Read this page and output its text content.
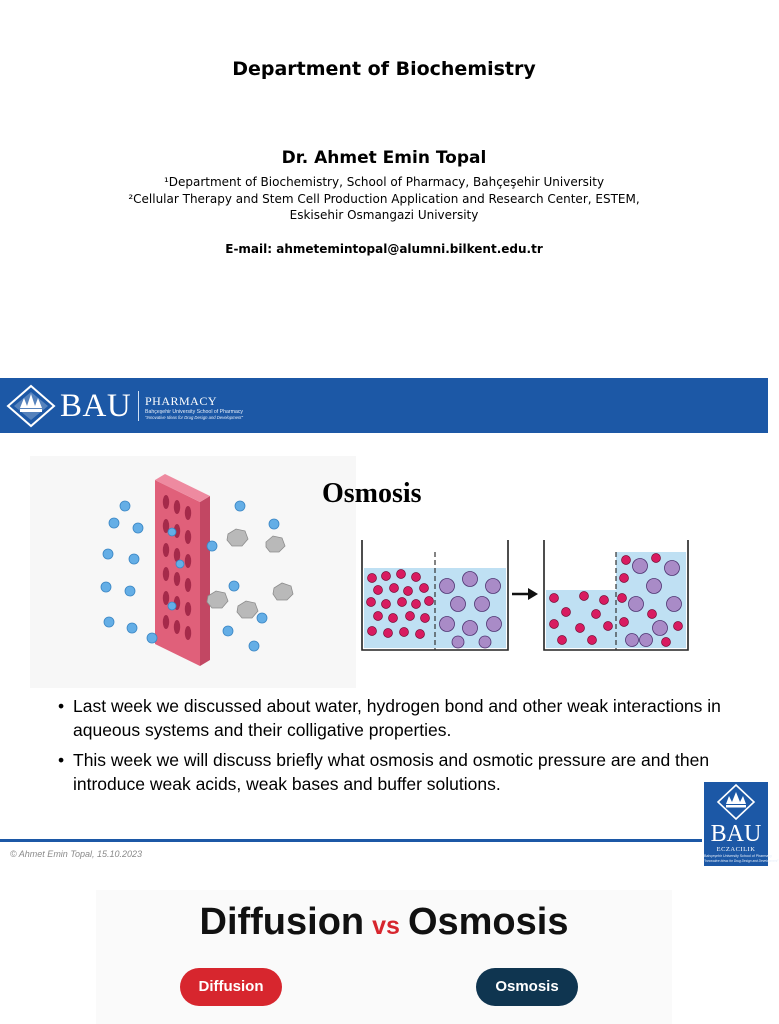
Department of Biochemistry
Dr. Ahmet Emin Topal
¹Department of Biochemistry, School of Pharmacy, Bahçeşehir University
²Cellular Therapy and Stem Cell Production Application and Research Center, ESTEM,
Eskisehir Osmangazi University
E-mail: ahmetemintopal@alumni.bilkent.edu.tr
BAU PHARMACY
Bahçeşehir University School of Pharmacy
"Innovative Ideas for Drug Design and Development"
Osmosis
• Last week we discussed about water, hydrogen bond and other weak interactions in aqueous systems and their colligative properties.
• This week we will discuss briefly what osmosis and osmotic pressure are and then introduce weak acids, weak bases and buffer solutions.
© Ahmet Emin Topal, 15.10.2023
BAU
ECZACILIK
Bahçeşehir University School of Pharmacy
"Innovative Ideas for Drug Design and Development"
Diffusion vs Osmosis
Diffusion	Osmosis
